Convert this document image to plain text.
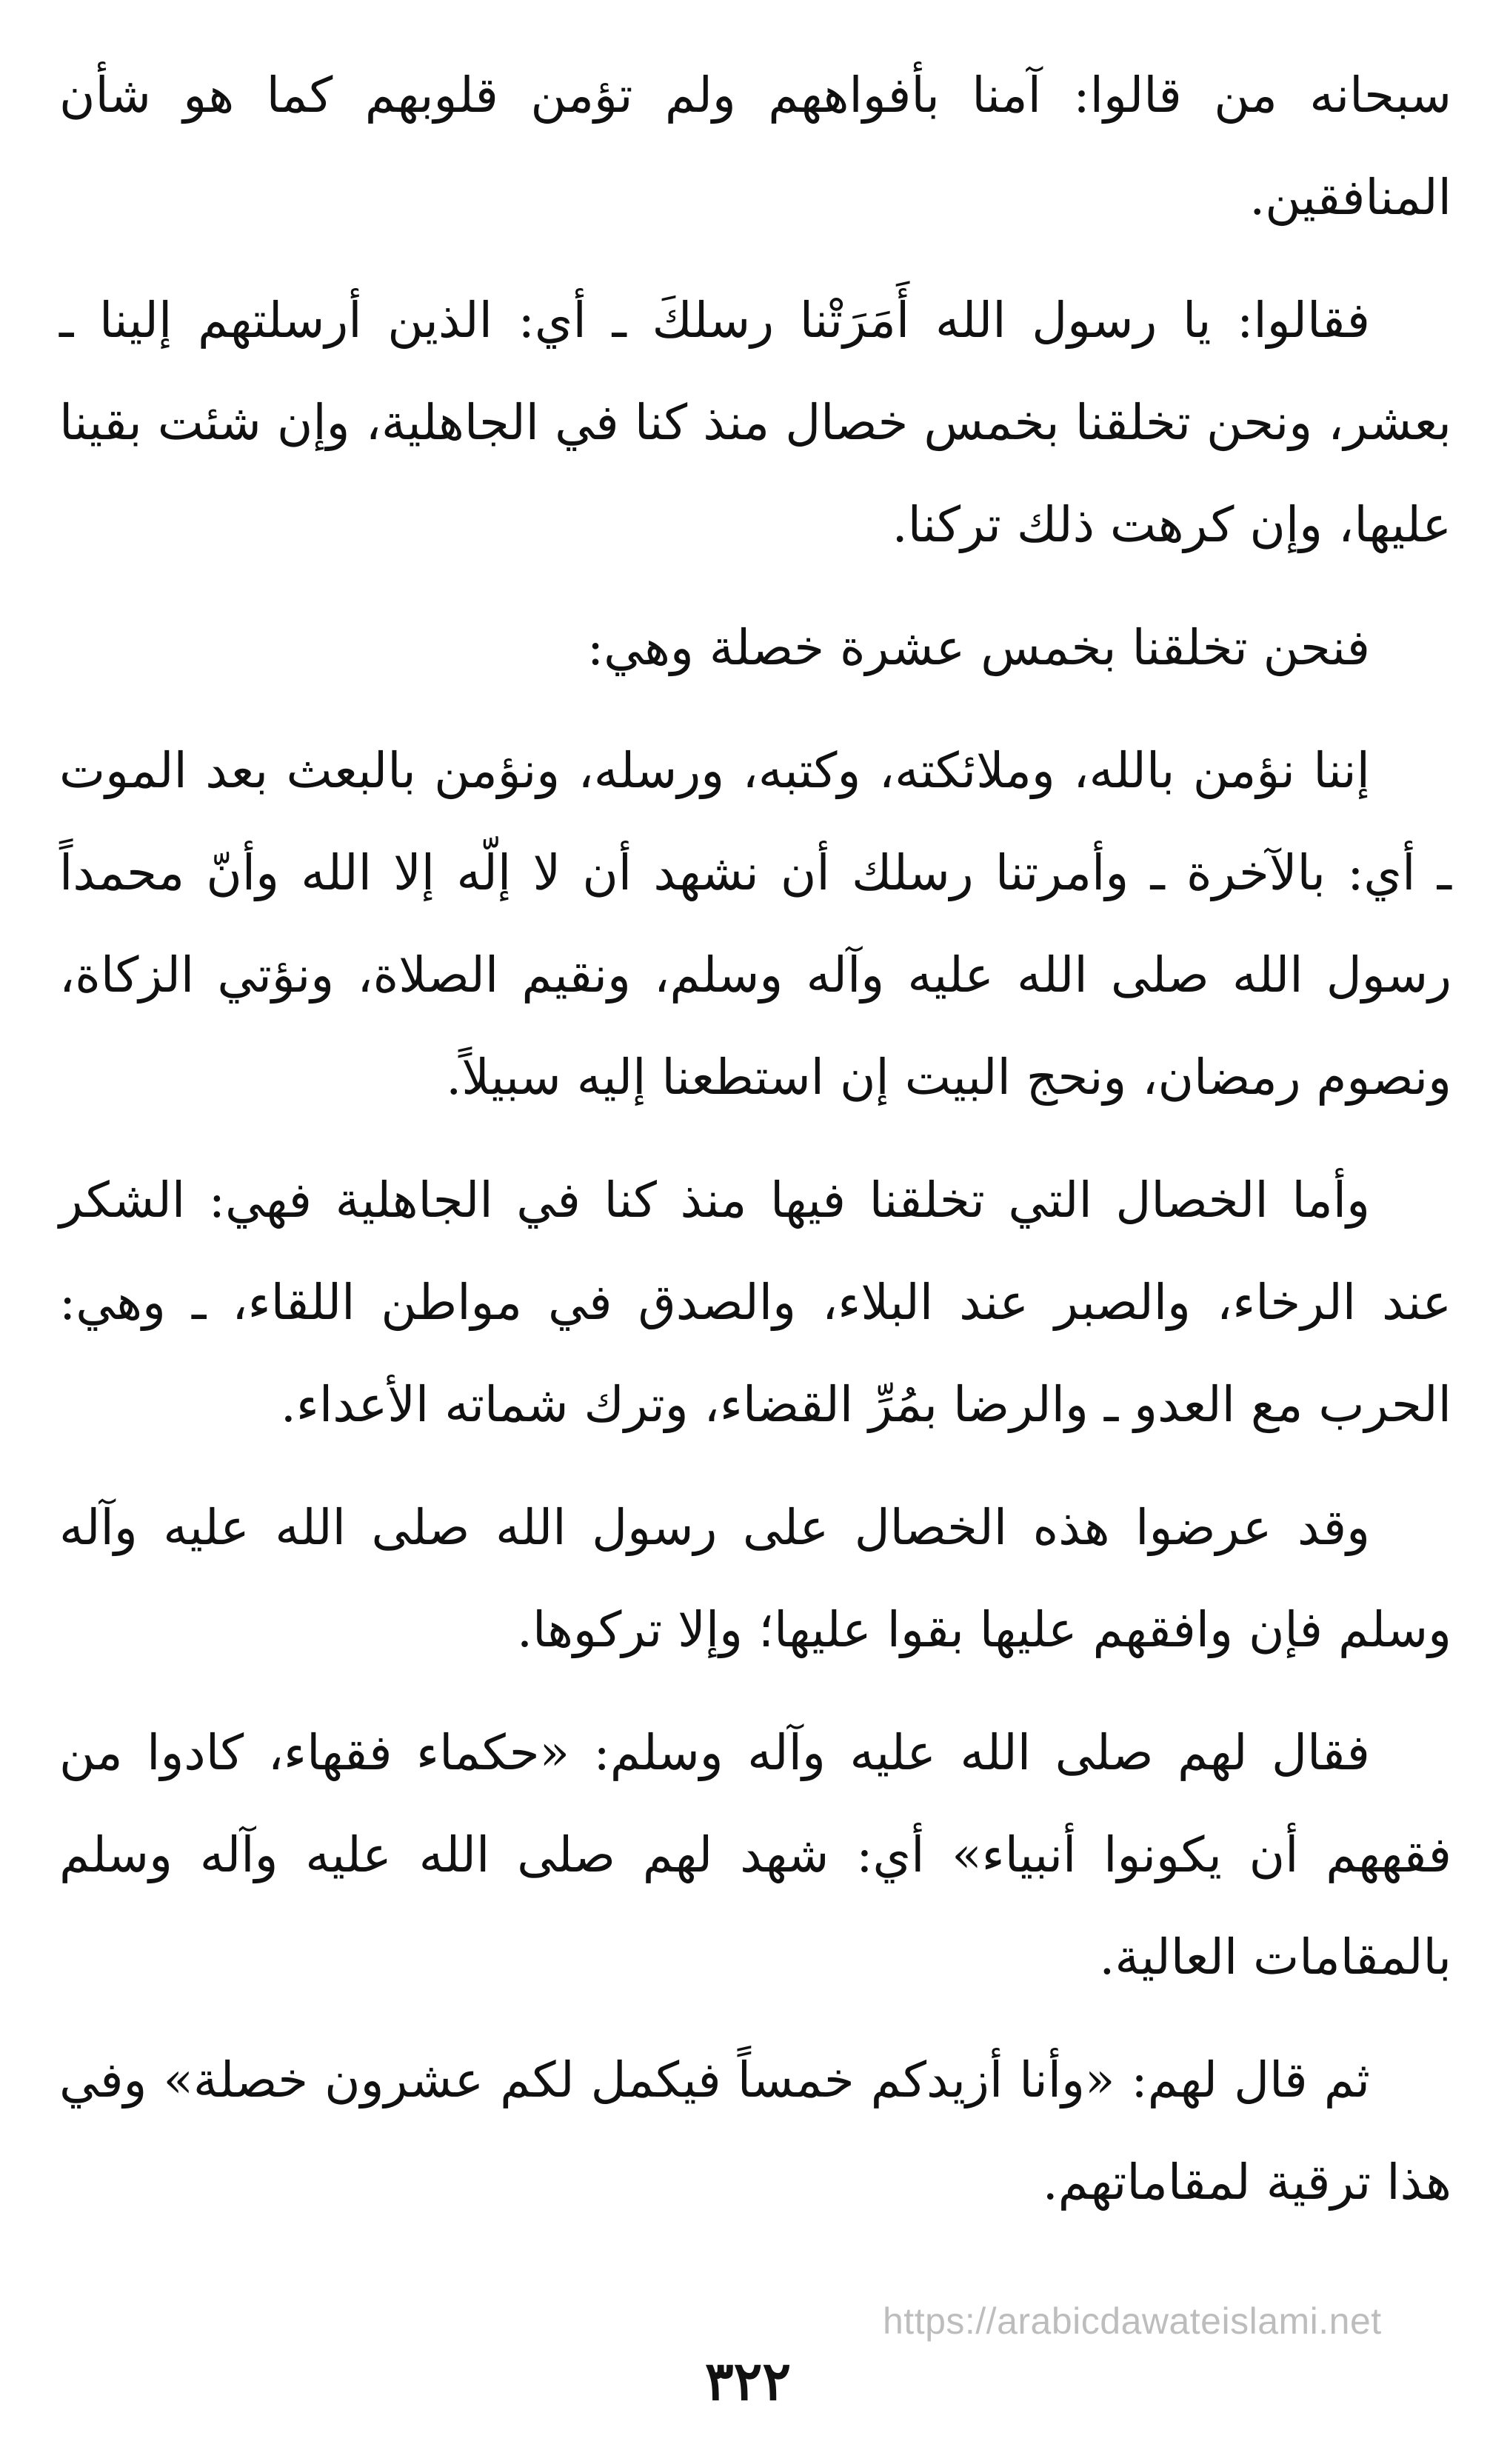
سبحانه من قالوا: آمنا بأفواههم ولم تؤمن قلوبهم كما هو شأن المنافقين.

فقالوا: يا رسول الله أَمَرَتْنا رسلكَ ـ أي: الذين أرسلتهم إلينا ـ بعشر، ونحن تخلقنا بخمس خصال منذ كنا في الجاهلية، وإن شئت بقينا عليها، وإن كرهت ذلك تركنا.

فنحن تخلقنا بخمس عشرة خصلة وهي:

إننا نؤمن بالله، وملائكته، وكتبه، ورسله، ونؤمن بالبعث بعد الموت ـ أي: بالآخرة ـ وأمرتنا رسلك أن نشهد أن لا إلّه إلا الله وأنّ محمداً رسول الله صلى الله عليه وآله وسلم، ونقيم الصلاة، ونؤتي الزكاة، ونصوم رمضان، ونحج البيت إن استطعنا إليه سبيلاً.

وأما الخصال التي تخلقنا فيها منذ كنا في الجاهلية فهي: الشكر عند الرخاء، والصبر عند البلاء، والصدق في مواطن اللقاء، ـ وهي: الحرب مع العدو ـ والرضا بمُرِّ القضاء، وترك شماته الأعداء.

وقد عرضوا هذه الخصال على رسول الله صلى الله عليه وآله وسلم فإن وافقهم عليها بقوا عليها؛ وإلا تركوها.

فقال لهم صلى الله عليه وآله وسلم: «حكماء فقهاء، كادوا من فقههم أن يكونوا أنبياء» أي: شهد لهم صلى الله عليه وآله وسلم بالمقامات العالية.

ثم قال لهم: «وأنا أزيدكم خمساً فيكمل لكم عشرون خصلة» وفي هذا ترقية لمقاماتهم.

https://arabicdawateislami.net
٣٢٢
